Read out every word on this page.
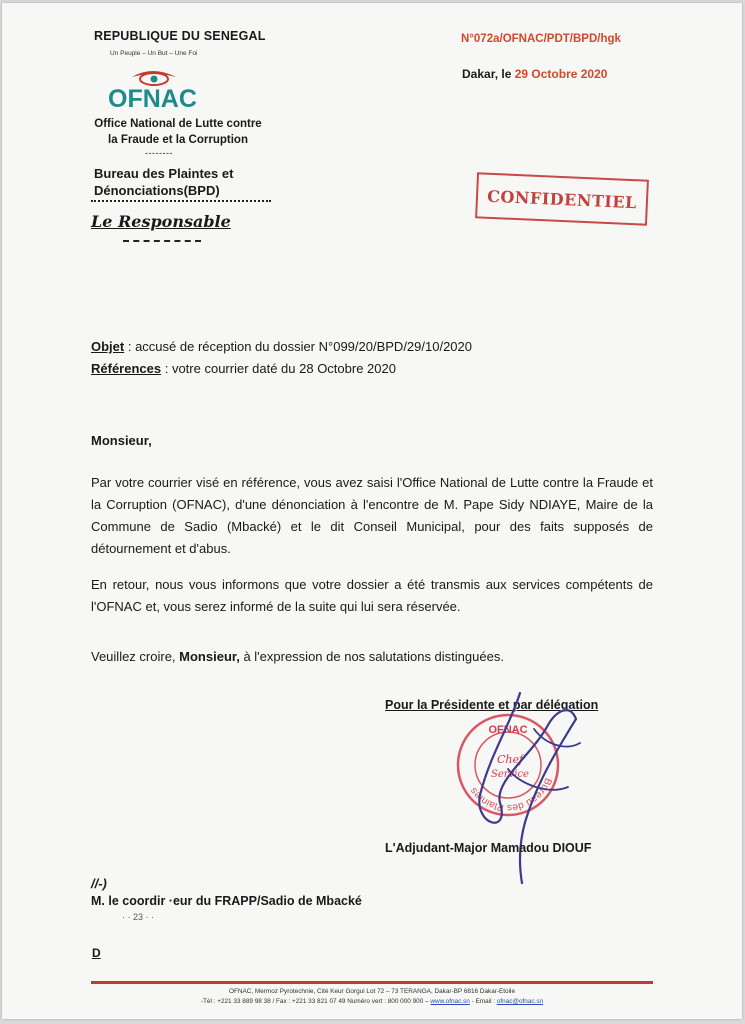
REPUBLIQUE DU SENEGAL
Un Peuple – Un But – Une Foi
OFNAC
Office National de Lutte contre
la Fraude et la Corruption
--------
Bureau des Plaintes et
Dénonciations(BPD)
Le Responsable
N°072a/OFNAC/PDT/BPD/hgk
Dakar, le 29 Octobre 2020
CONFIDENTIEL
Objet : accusé de réception du dossier N°099/20/BPD/29/10/2020
Références : votre courrier daté du 28 Octobre 2020
Monsieur,
Par votre courrier visé en référence, vous avez saisi l'Office National de Lutte contre la Fraude et la Corruption (OFNAC), d'une dénonciation à l'encontre de M. Pape Sidy NDIAYE, Maire de la Commune de Sadio (Mbacké) et le dit Conseil Municipal, pour des faits supposés de détournement et d'abus.
En retour, nous vous informons que votre dossier a été transmis aux services compétents de l'OFNAC et, vous serez informé de la suite qui lui sera réservée.
Veuillez croire, Monsieur, à l'expression de nos salutations distinguées.
Pour la Présidente et par délégation
Bureau des Plaintes
OFNAC
Chef
Service
L'Adjudant-Major Mamadou DIOUF
//-)
M. le coordir ·eur du FRAPP/Sadio de Mbacké
· · 23 · ·
D
OFNAC, Mermoz Pyrotechnie, Cité Keur Gorgui Lot 72 – 73 TERANGA, Dakar-BP 6816 Dakar-Etoile
-Tél : +221 33 889 98 38 / Fax : +221 33 821 07 49 Numéro vert : 800 000 900 – www.ofnac.sn - Email : ofnac@ofnac.sn
